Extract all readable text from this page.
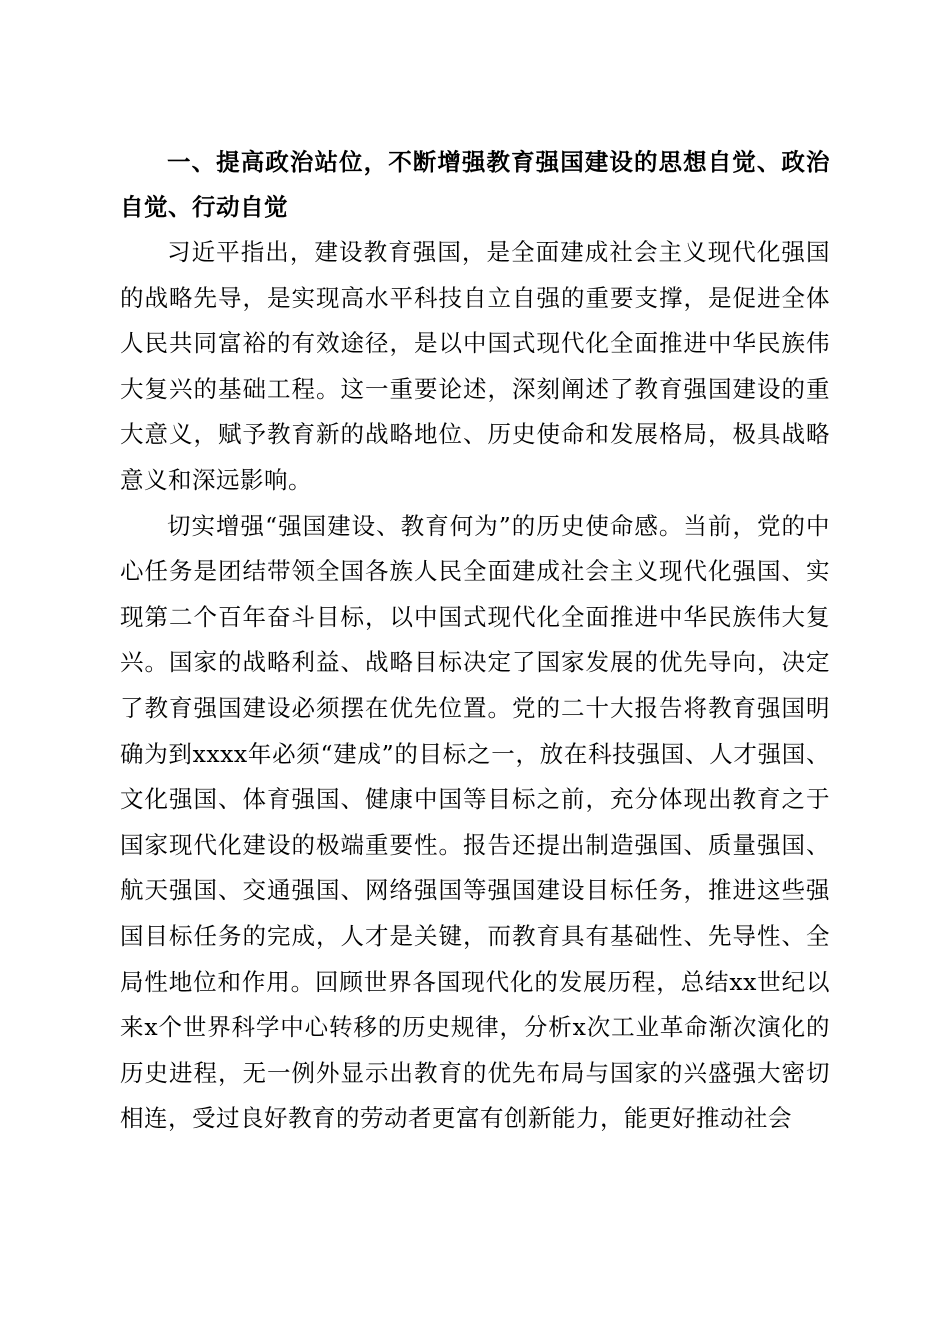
一、提高政治站位，不断增强教育强国建设的思想自觉、政治自觉、行动自觉

习近平指出，建设教育强国，是全面建成社会主义现代化强国的战略先导，是实现高水平科技自立自强的重要支撑，是促进全体人民共同富裕的有效途径，是以中国式现代化全面推进中华民族伟大复兴的基础工程。这一重要论述，深刻阐述了教育强国建设的重大意义，赋予教育新的战略地位、历史使命和发展格局，极具战略意义和深远影响。

切实增强“强国建设、教育何为”的历史使命感。当前，党的中心任务是团结带领全国各族人民全面建成社会主义现代化强国、实现第二个百年奋斗目标，以中国式现代化全面推进中华民族伟大复兴。国家的战略利益、战略目标决定了国家发展的优先导向，决定了教育强国建设必须摆在优先位置。党的二十大报告将教育强国明确为到xxxx年必须“建成”的目标之一，放在科技强国、人才强国、文化强国、体育强国、健康中国等目标之前，充分体现出教育之于国家现代化建设的极端重要性。报告还提出制造强国、质量强国、航天强国、交通强国、网络强国等强国建设目标任务，推进这些强国目标任务的完成，人才是关键，而教育具有基础性、先导性、全局性地位和作用。回顾世界各国现代化的发展历程，总结xx世纪以来x个世界科学中心转移的历史规律，分析x次工业革命渐次演化的历史进程，无一例外显示出教育的优先布局与国家的兴盛强大密切相连，受过良好教育的劳动者更富有创新能力，能更好推动社会
